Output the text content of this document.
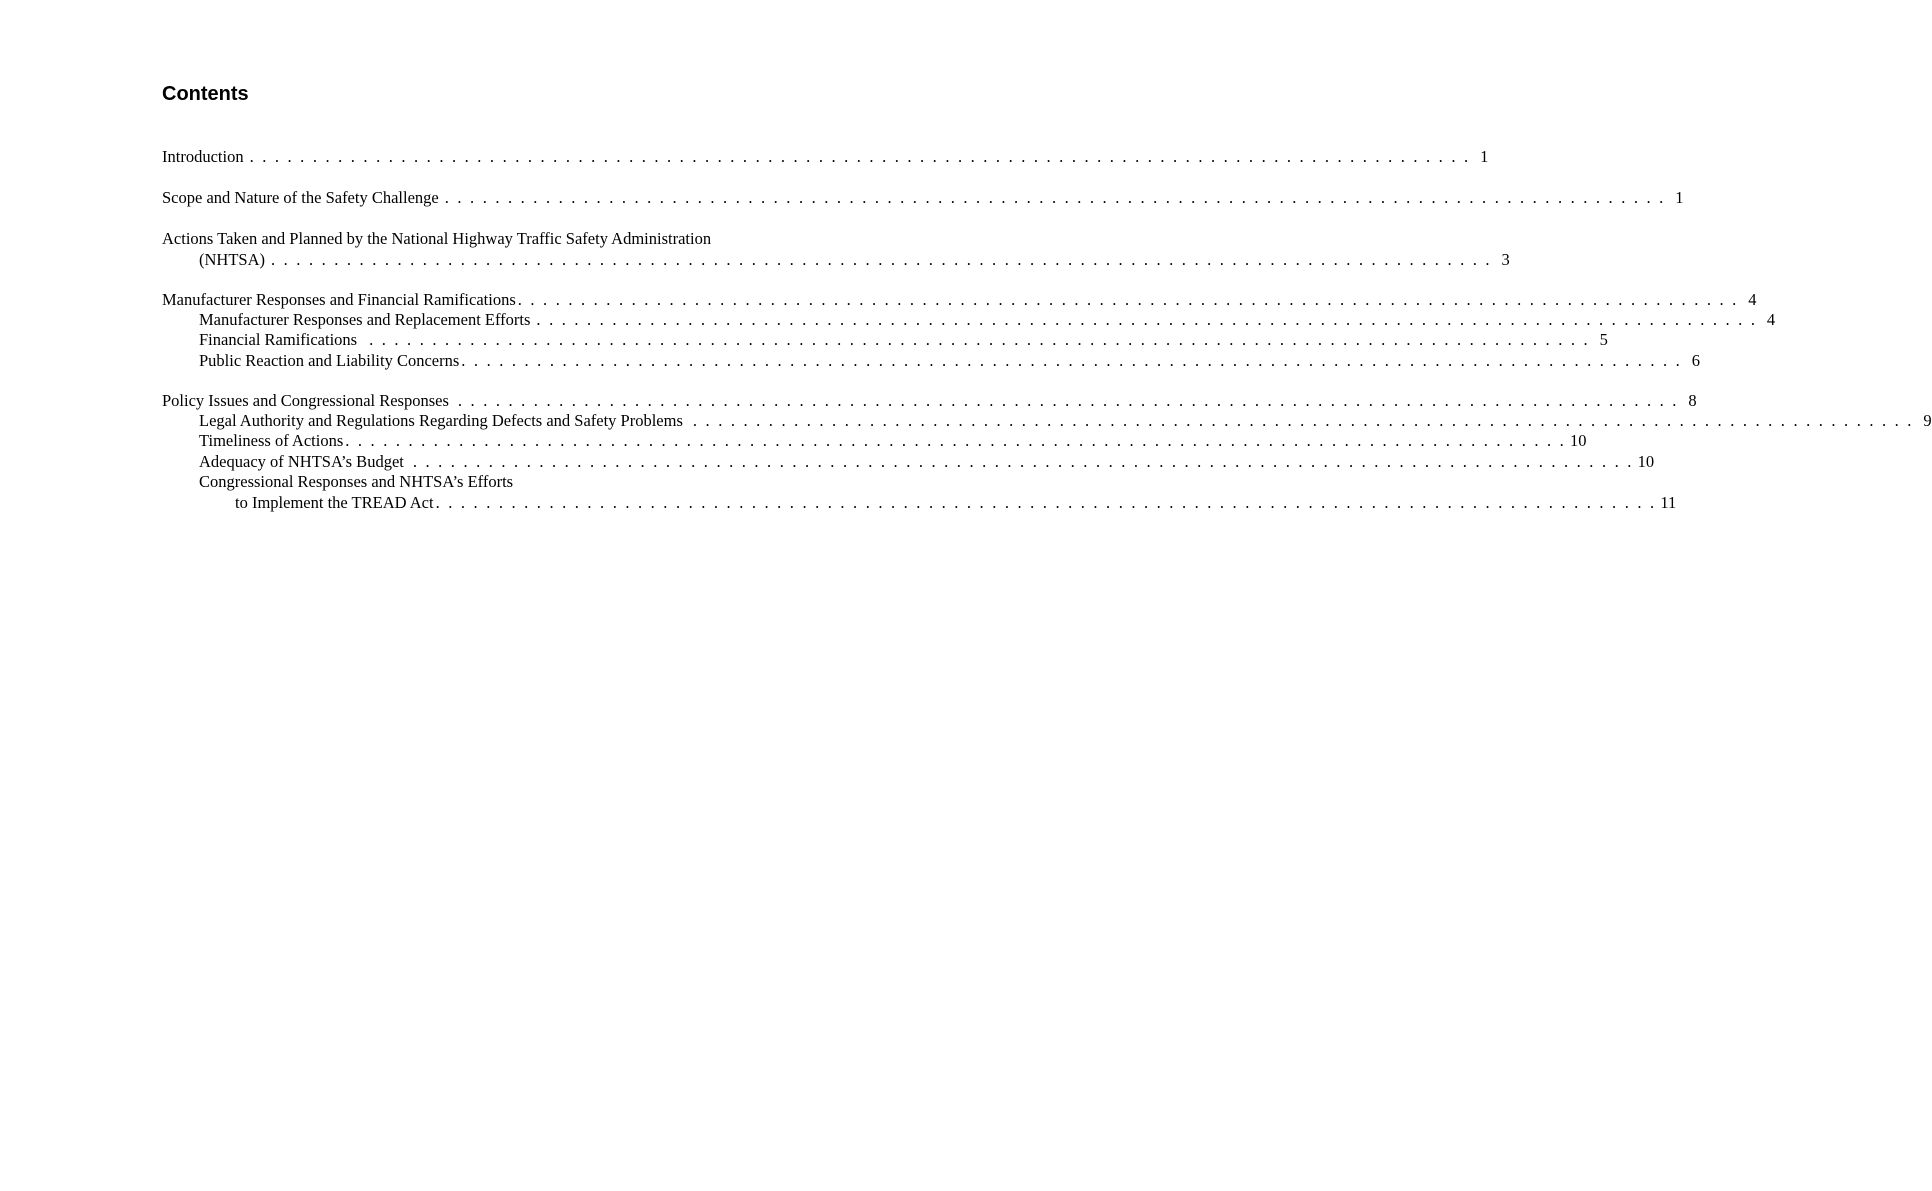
Contents
Introduction . . . . . . . . . . . . . . . . . . . . . . . . . . . . . . . . . . . . . . . . . . . . . . . . . . . . . . . . . . . . . . . . . . . . . . . . . . . . . . . . . . . . . . . . . . . . . . . . . 1
Scope and Nature of the Safety Challenge . . . . . . . . . . . . . . . . . . . . . . . . . . . . . . . . . . . . . . . . . . . . . . . . . . . . . . . . . . . . . . . . . . . . . . . . . . . . . . . . . . . . . . . . . . . . . . . . . 1
Actions Taken and Planned by the National Highway Traffic Safety Administration
(NHTSA) . . . . . . . . . . . . . . . . . . . . . . . . . . . . . . . . . . . . . . . . . . . . . . . . . . . . . . . . . . . . . . . . . . . . . . . . . . . . . . . . . . . . . . . . . . . . . . . . . 3
Manufacturer Responses and Financial Ramifications . . . . . . . . . . . . . . . . . . . . . . . . . . . . . . . . . . . . . . . . . . . . . . . . . . . . . . . . . . . . . . . . . . . . . . . . . . . . . . . . . . . . . . . . . . . . . . . . . 4
Manufacturer Responses and Replacement Efforts . . . . . . . . . . . . . . . . . . . . . . . . . . . . . . . . . . . . . . . . . . . . . . . . . . . . . . . . . . . . . . . . . . . . . . . . . . . . . . . . . . . . . . . . . . . . . . . . . 4
Financial Ramifications . . . . . . . . . . . . . . . . . . . . . . . . . . . . . . . . . . . . . . . . . . . . . . . . . . . . . . . . . . . . . . . . . . . . . . . . . . . . . . . . . . . . . . . . . . . . . . . . . 5
Public Reaction and Liability Concerns . . . . . . . . . . . . . . . . . . . . . . . . . . . . . . . . . . . . . . . . . . . . . . . . . . . . . . . . . . . . . . . . . . . . . . . . . . . . . . . . . . . . . . . . . . . . . . . . . 6
Policy Issues and Congressional Responses . . . . . . . . . . . . . . . . . . . . . . . . . . . . . . . . . . . . . . . . . . . . . . . . . . . . . . . . . . . . . . . . . . . . . . . . . . . . . . . . . . . . . . . . . . . . . . . . . 8
Legal Authority and Regulations Regarding Defects and Safety Problems . . . . . . . . . . . . . . . . . . . . . . . . . . . . . . . . . . . . . . . . . . . . . . . . . . . . . . . . . . . . . . . . . . . . . . . . . . . . . . . . . . . . . . . . . . . . . . . . . 9
Timeliness of Actions . . . . . . . . . . . . . . . . . . . . . . . . . . . . . . . . . . . . . . . . . . . . . . . . . . . . . . . . . . . . . . . . . . . . . . . . . . . . . . . . . . . . . . . . . . . . . . . . . 10
Adequacy of NHTSA’s Budget . . . . . . . . . . . . . . . . . . . . . . . . . . . . . . . . . . . . . . . . . . . . . . . . . . . . . . . . . . . . . . . . . . . . . . . . . . . . . . . . . . . . . . . . . . . . . . . . . 10
Congressional Responses and NHTSA’s Efforts
to Implement the TREAD Act . . . . . . . . . . . . . . . . . . . . . . . . . . . . . . . . . . . . . . . . . . . . . . . . . . . . . . . . . . . . . . . . . . . . . . . . . . . . . . . . . . . . . . . . . . . . . . . . . 11
